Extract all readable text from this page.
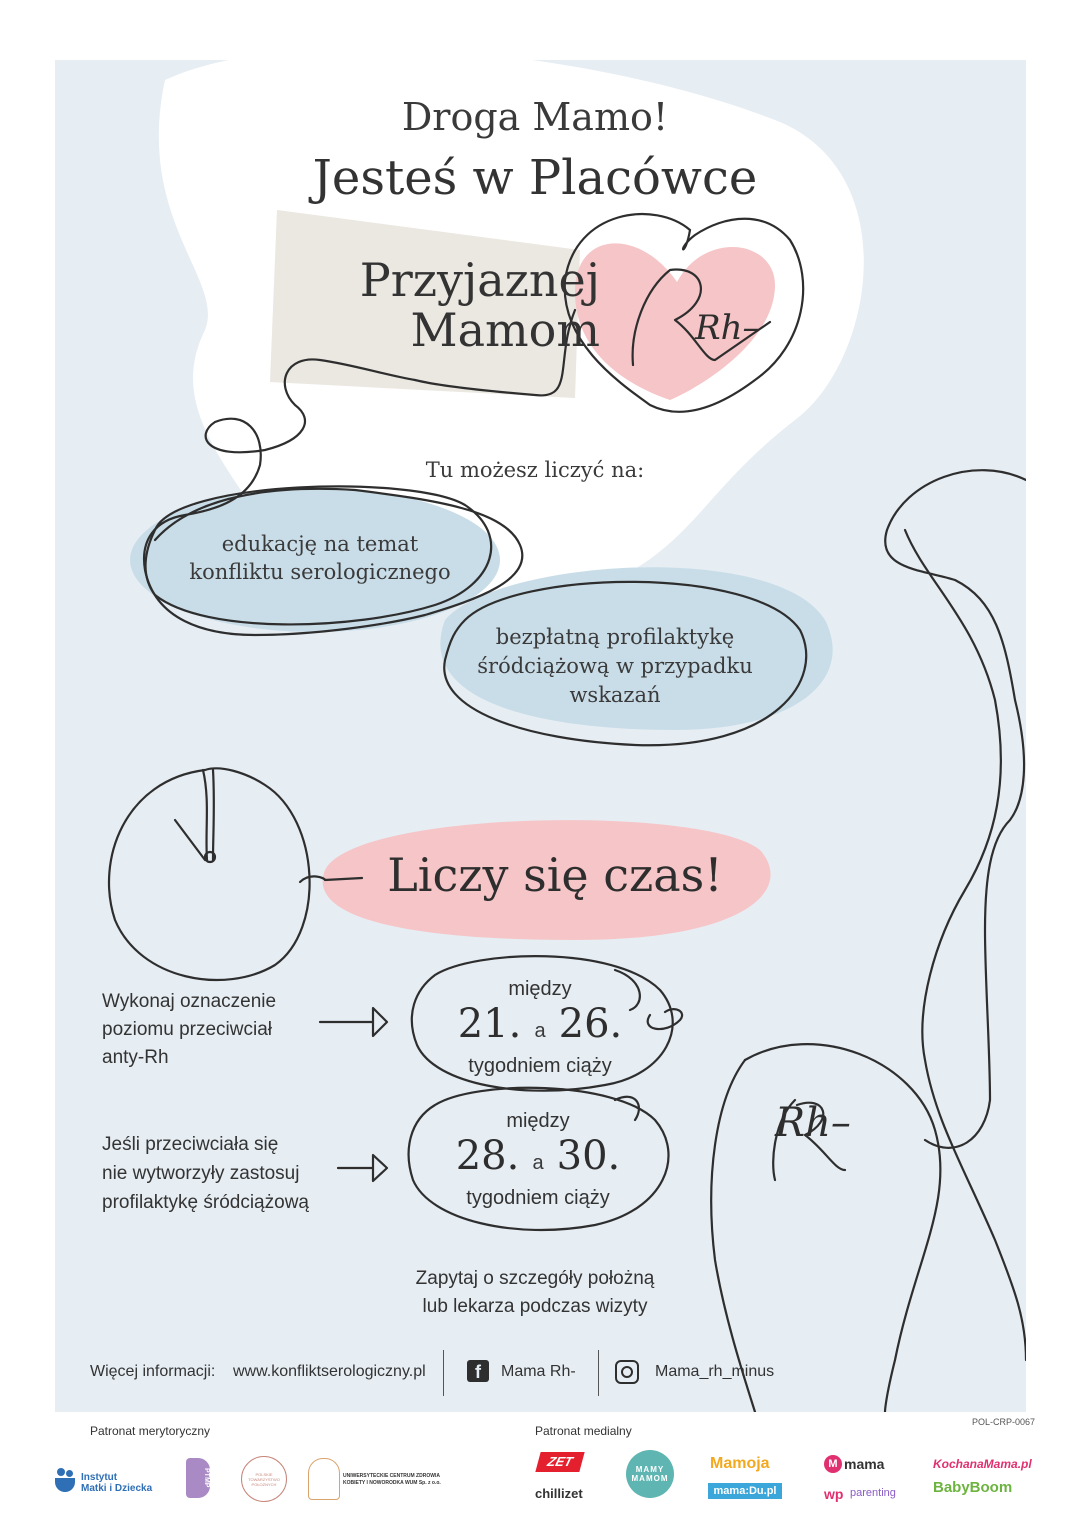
Droga Mamo!
Jesteś w Placówce
Przyjaznej
Mamom	Rh–
Tu możesz liczyć na:
edukację na temat
konfliktu serologicznego
bezpłatną profilaktykę
śródciążową w przypadku
wskazań
Liczy się czas!
Wykonaj oznaczenie
poziomu przeciwciał
anty-Rh
między
21. a 26.
tygodniem ciąży
Jeśli przeciwciała się
nie wytworzyły zastosuj
profilaktykę śródciążową
między
28. a 30.
tygodniem ciąży
Rh–
Zapytaj o szczegóły położną
lub lekarza podczas wizyty
Więcej informacji: www.konfliktserologiczny.pl	f	Mama Rh-	Mama_rh_minus
Patronat merytoryczny	Patronat medialny
POL-CRP-0067
Instytut
Matki i Dziecka
PTMP	POLSKIE TOWARZYSTWO POŁOŻNYCH
UNIWERSYTECKIE CENTRUM ZDROWIA
KOBIETY I NOWORODKA WUM Sp. z o.o.
ZET
chillizet
MAMY MAMOM
Mamoja
mama:Du.pl
M mama
wp parenting
KochanaMama.pl
BabyBoom
